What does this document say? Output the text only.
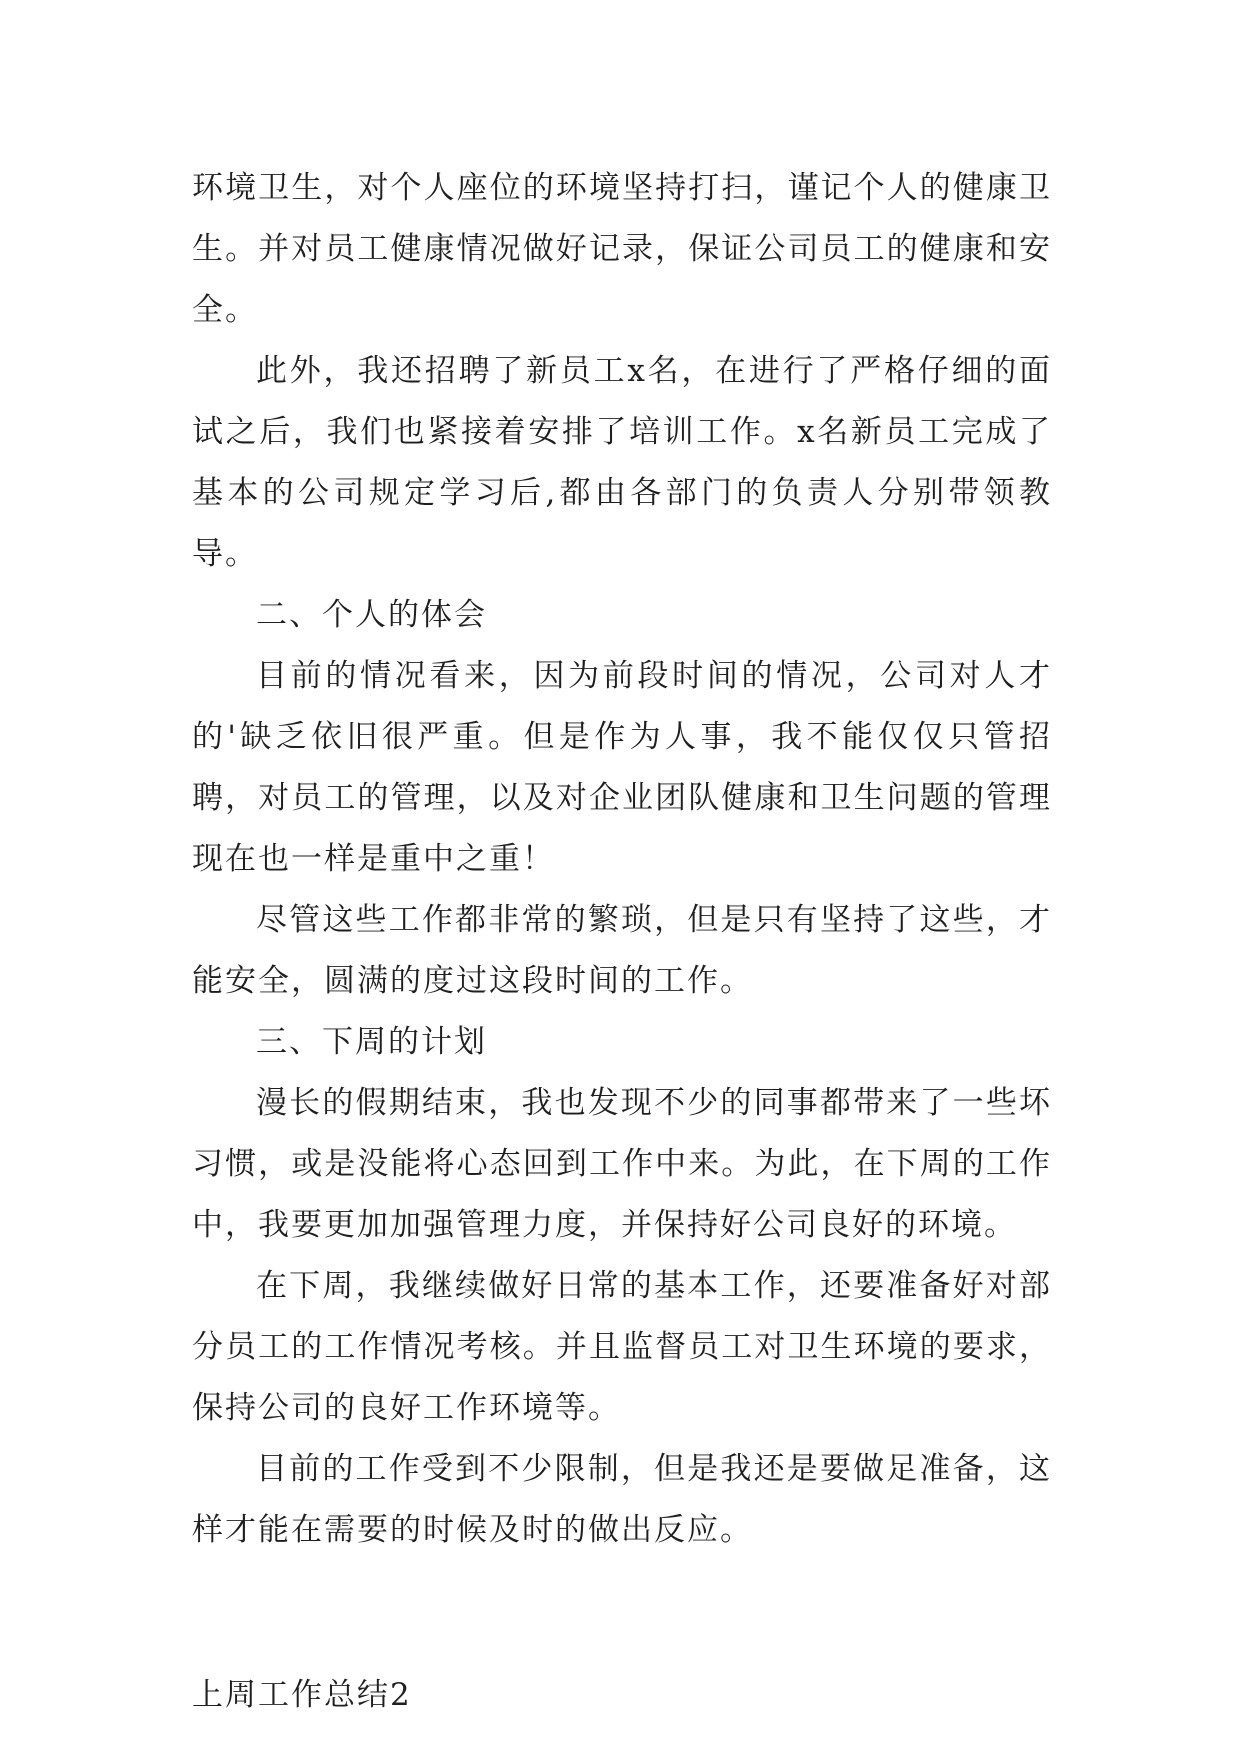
环境卫生，对个人座位的环境坚持打扫，谨记个人的健康卫生。并对员工健康情况做好记录，保证公司员工的健康和安全。

此外，我还招聘了新员工x名，在进行了严格仔细的面试之后，我们也紧接着安排了培训工作。x名新员工完成了基本的公司规定学习后,都由各部门的负责人分别带领教导。

二、个人的体会

目前的情况看来，因为前段时间的情况，公司对人才的'缺乏依旧很严重。但是作为人事，我不能仅仅只管招聘，对员工的管理，以及对企业团队健康和卫生问题的管理现在也一样是重中之重！

尽管这些工作都非常的繁琐，但是只有坚持了这些，才能安全，圆满的度过这段时间的工作。

三、下周的计划

漫长的假期结束，我也发现不少的同事都带来了一些坏习惯，或是没能将心态回到工作中来。为此，在下周的工作中，我要更加加强管理力度，并保持好公司良好的环境。

在下周，我继续做好日常的基本工作，还要准备好对部分员工的工作情况考核。并且监督员工对卫生环境的要求，保持公司的良好工作环境等。

目前的工作受到不少限制，但是我还是要做足准备，这样才能在需要的时候及时的做出反应。

上周工作总结2
